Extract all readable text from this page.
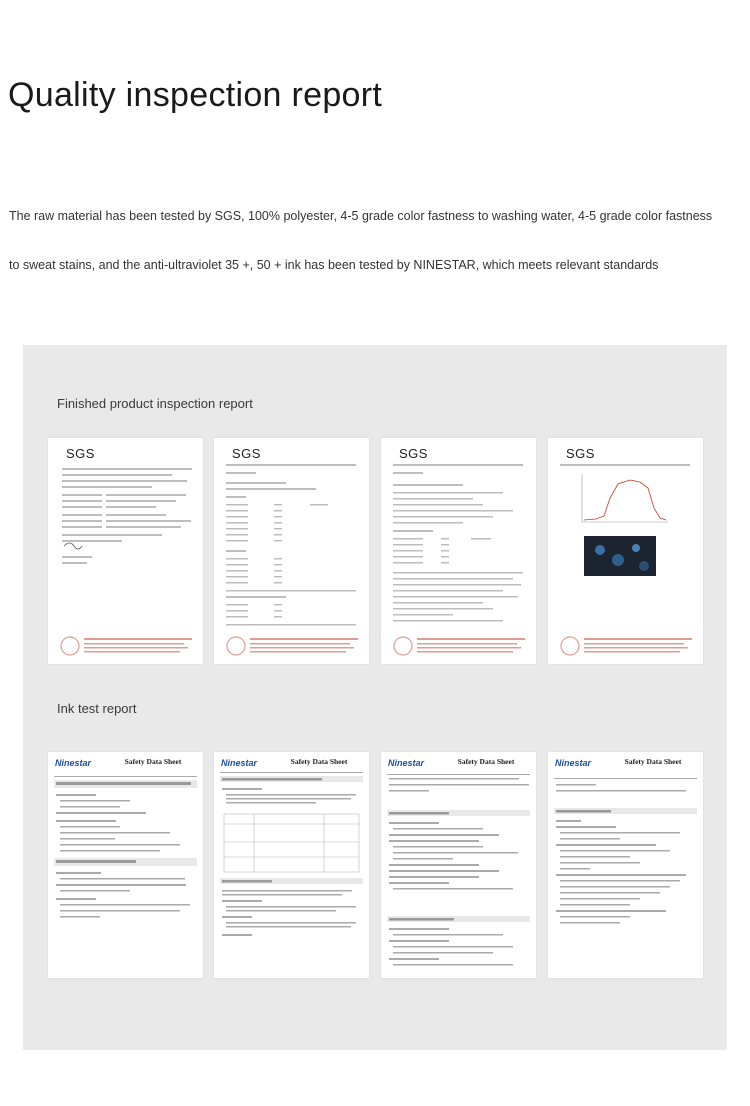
Quality inspection report

The raw material has been tested by SGS, 100% polyester, 4-5 grade color fastness to washing water, 4-5 grade color fastness

to sweat stains, and the anti-ultraviolet 35 +, 50 + ink has been tested by NINESTAR, which meets relevant standards

Finished product inspection report

SGS	SGS	SGS	SGS

Ink test report

Ninestar	Safety Data Sheet	Ninestar	Safety Data Sheet	Ninestar	Safety Data Sheet	Ninestar	Safety Data Sheet
